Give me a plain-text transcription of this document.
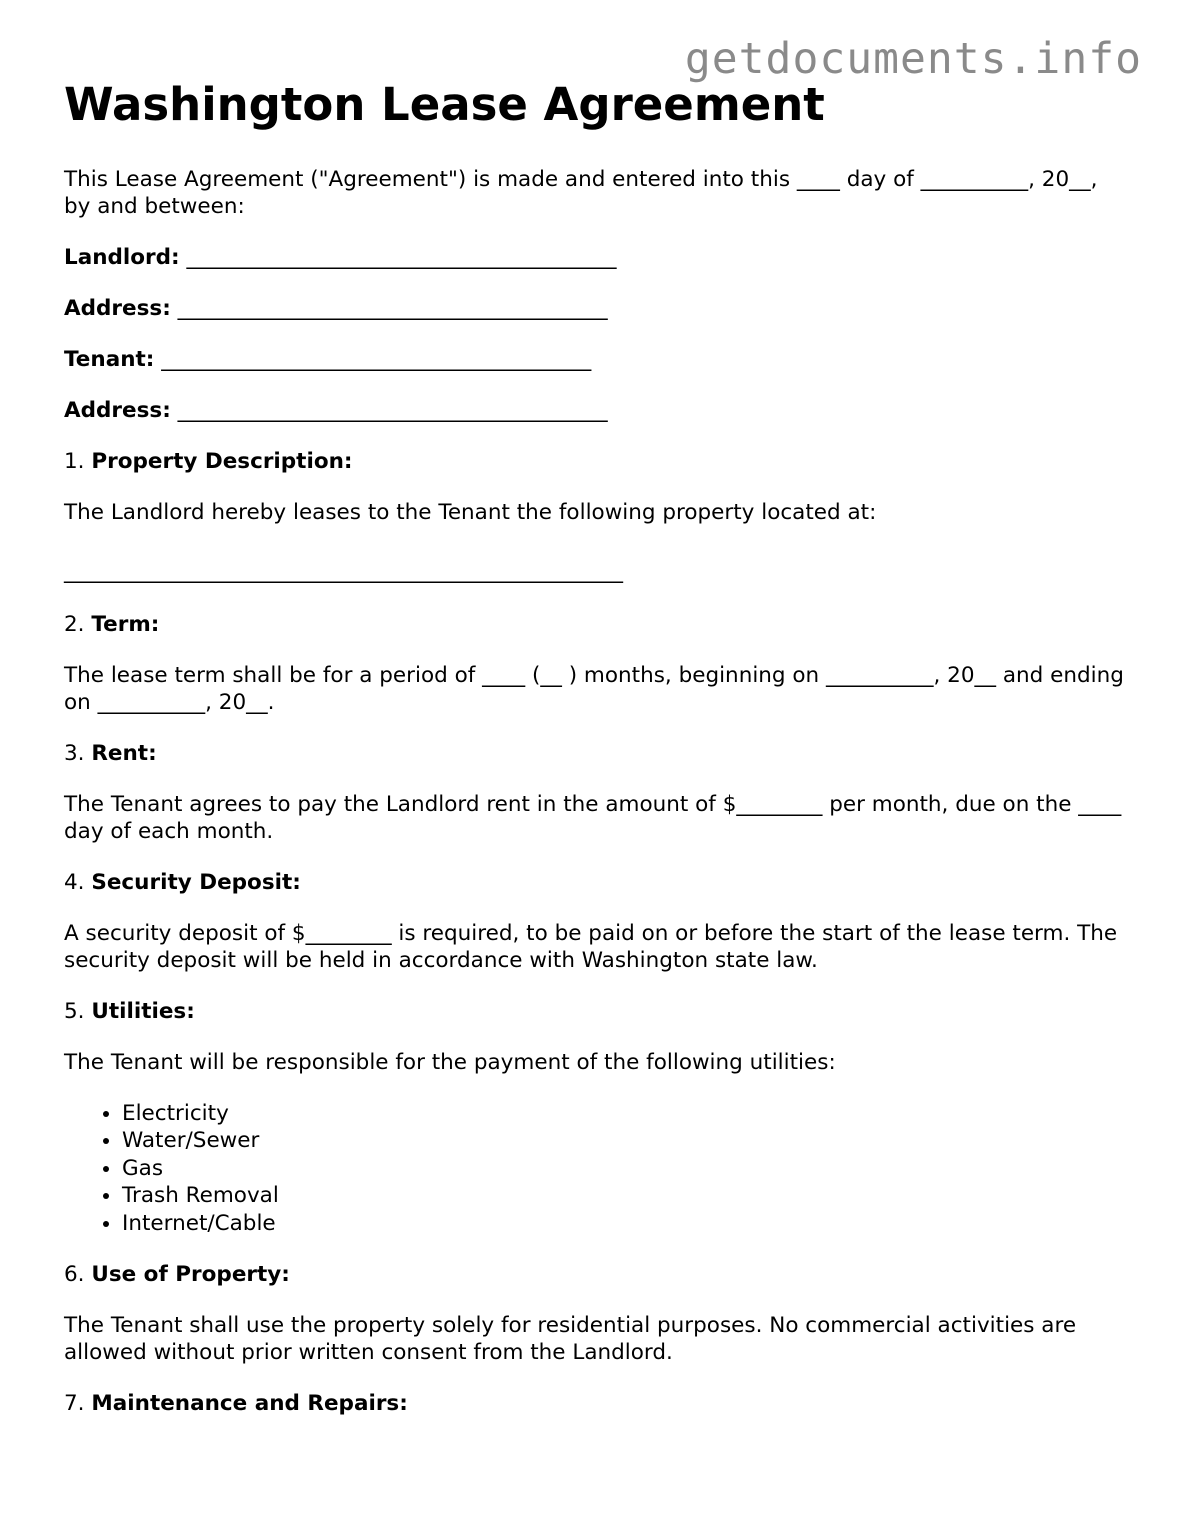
getdocuments.info
Washington Lease Agreement

This Lease Agreement ("Agreement") is made and entered into this ____ day of __________, 20__, by and between:

Landlord: ________________________________________

Address: ________________________________________

Tenant: ________________________________________

Address: ________________________________________

1. Property Description:

The Landlord hereby leases to the Tenant the following property located at:

____________________________________________________

2. Term:

The lease term shall be for a period of ____ (__ ) months, beginning on __________, 20__ and ending on __________, 20__.

3. Rent:

The Tenant agrees to pay the Landlord rent in the amount of $________ per month, due on the ____ day of each month.

4. Security Deposit:

A security deposit of $________ is required, to be paid on or before the start of the lease term. The security deposit will be held in accordance with Washington state law.

5. Utilities:

The Tenant will be responsible for the payment of the following utilities:

• Electricity
• Water/Sewer
• Gas
• Trash Removal
• Internet/Cable

6. Use of Property:

The Tenant shall use the property solely for residential purposes. No commercial activities are allowed without prior written consent from the Landlord.

7. Maintenance and Repairs:
